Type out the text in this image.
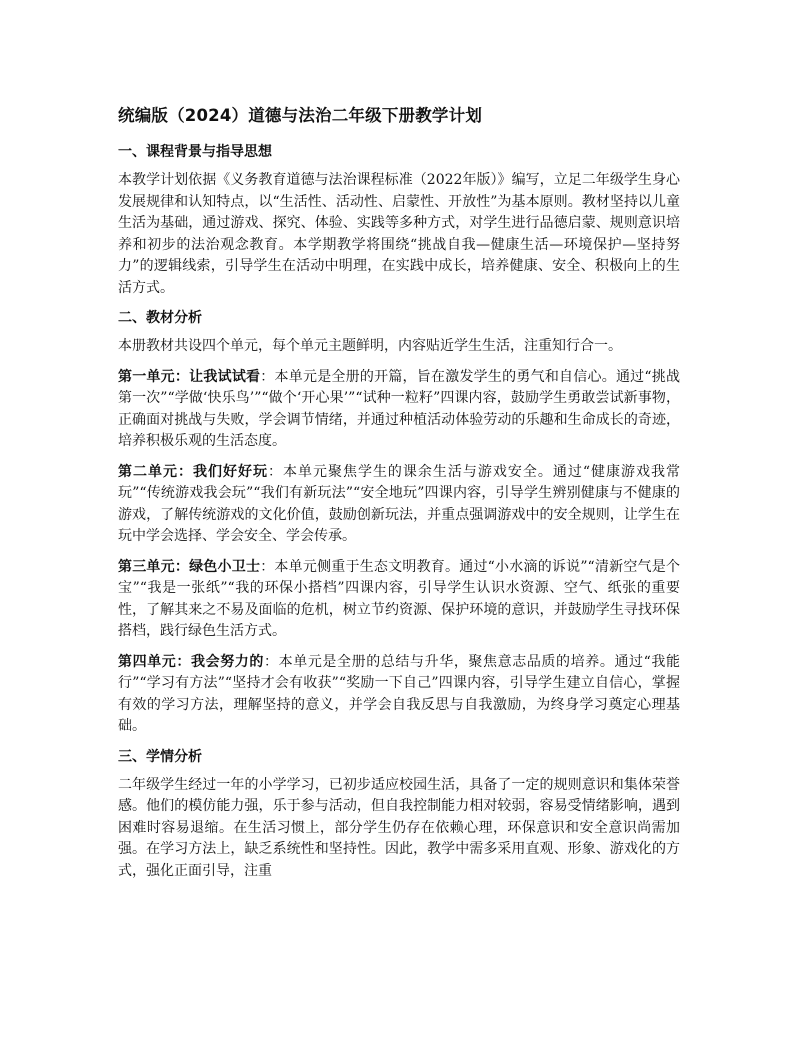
统编版（2024）道德与法治二年级下册教学计划
一、课程背景与指导思想

本教学计划依据《义务教育道德与法治课程标准（2022年版）》编写，立足二年级学生身心发展规律和认知特点，以“生活性、活动性、启蒙性、开放性”为基本原则。教材坚持以儿童生活为基础，通过游戏、探究、体验、实践等多种方式，对学生进行品德启蒙、规则意识培养和初步的法治观念教育。本学期教学将围绕“挑战自我—健康生活—环境保护—坚持努力”的逻辑线索，引导学生在活动中明理，在实践中成长，培养健康、安全、积极向上的生活方式。

二、教材分析

本册教材共设四个单元，每个单元主题鲜明，内容贴近学生生活，注重知行合一。

第一单元：让我试试看：本单元是全册的开篇，旨在激发学生的勇气和自信心。通过“挑战第一次”“学做‘快乐鸟’”“做个‘开心果’”“试种一粒籽”四课内容，鼓励学生勇敢尝试新事物，正确面对挑战与失败，学会调节情绪，并通过种植活动体验劳动的乐趣和生命成长的奇迹，培养积极乐观的生活态度。

第二单元：我们好好玩：本单元聚焦学生的课余生活与游戏安全。通过“健康游戏我常玩”“传统游戏我会玩”“我们有新玩法”“安全地玩”四课内容，引导学生辨别健康与不健康的游戏，了解传统游戏的文化价值，鼓励创新玩法，并重点强调游戏中的安全规则，让学生在玩中学会选择、学会安全、学会传承。

第三单元：绿色小卫士：本单元侧重于生态文明教育。通过“小水滴的诉说”“清新空气是个宝”“我是一张纸”“我的环保小搭档”四课内容，引导学生认识水资源、空气、纸张的重要性，了解其来之不易及面临的危机，树立节约资源、保护环境的意识，并鼓励学生寻找环保搭档，践行绿色生活方式。

第四单元：我会努力的：本单元是全册的总结与升华，聚焦意志品质的培养。通过“我能行”“学习有方法”“坚持才会有收获”“奖励一下自己”四课内容，引导学生建立自信心，掌握有效的学习方法，理解坚持的意义，并学会自我反思与自我激励，为终身学习奠定心理基础。

三、学情分析

二年级学生经过一年的小学学习，已初步适应校园生活，具备了一定的规则意识和集体荣誉感。他们的模仿能力强，乐于参与活动，但自我控制能力相对较弱，容易受情绪影响，遇到困难时容易退缩。在生活习惯上，部分学生仍存在依赖心理，环保意识和安全意识尚需加强。在学习方法上，缺乏系统性和坚持性。因此，教学中需多采用直观、形象、游戏化的方式，强化正面引导，注重
